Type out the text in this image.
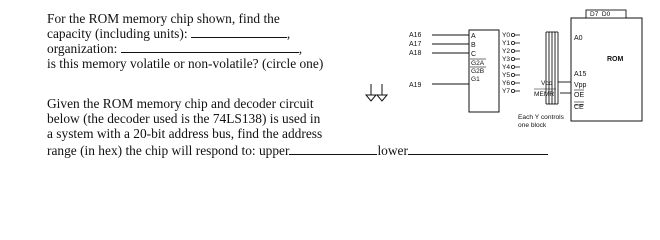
For the ROM memory chip shown, find the
capacity (including units):	,
organization:	,
is this memory volatile or non-volatile? (circle one)
Given the ROM memory chip and decoder circuit
below (the decoder used is the 74LS138) is used in
a system with a 20-bit address bus, find the address
range (in hex) the chip will respond to: upper	lower
A16
A17
A18
A19
A
B
C
G2A
G2B
G1
Y0
Y1
Y2
Y3
Y4
Y5
Y6
Y7
D7  D0
ROM
A0
A15
Vpp
OE
CE
Vcc
MEMR
Each Y controls
one block
